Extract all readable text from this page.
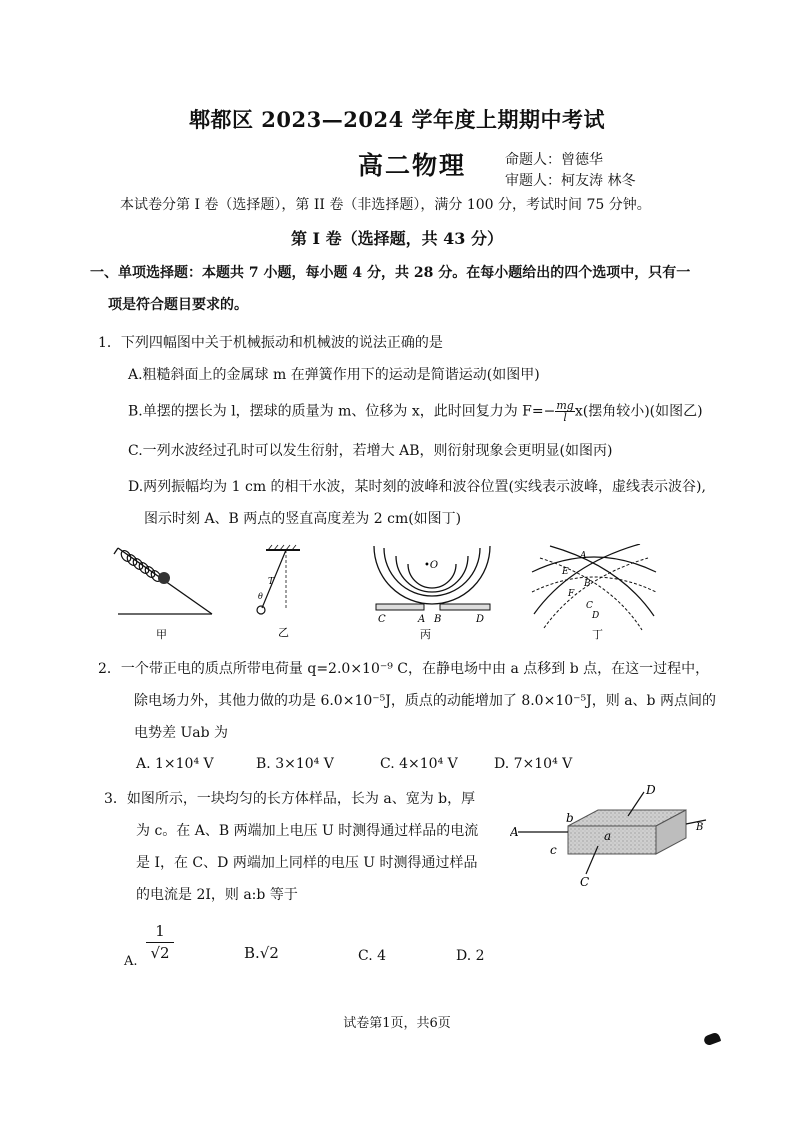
郫都区 2023—2024 学年度上期期中考试
高二物理	命题人：曾德华
审题人：柯友涛 林冬
本试卷分第 I 卷（选择题），第 II 卷（非选择题），满分 100 分，考试时间 75 分钟。
第 I 卷（选择题，共 43 分）
一、单项选择题：本题共 7 小题，每小题 4 分，共 28 分。在每小题给出的四个选项中，只有一
项是符合题目要求的。
1．下列四幅图中关于机械振动和机械波的说法正确的是
A.粗糙斜面上的金属球 m 在弹簧作用下的运动是简谐运动(如图甲)
B.单摆的摆长为 l，摆球的质量为 m、位移为 x，此时回复力为 $F=- \frac{mg}{l} x$(摆角较小)(如图乙)
C.一列水波经过孔时可以发生衍射，若增大 AB，则衍射现象会更明显(如图丙)
D.两列振幅均为 1 cm 的相干水波，某时刻的波峰和波谷位置(实线表示波峰，虚线表示波谷),
图示时刻 A、B 两点的竖直高度差为 2 cm(如图丁)
甲
T
θ
乙
•O
C	A B	D
丙
A
E
B
F
C
D
丁
2．一个带正电的质点所带电荷量 q=2.0×10⁻⁹ C，在静电场中由 a 点移到 b 点，在这一过程中，
除电场力外，其他力做的功是 6.0×10⁻⁵J，质点的动能增加了 8.0×10⁻⁵J，则 a、b 两点间的
电势差 Uab 为
A. 1×10⁴ V	B. 3×10⁴ V	C. 4×10⁴ V	D. 7×10⁴ V
3．如图所示，一块均匀的长方体样品，长为 a、宽为 b，厚
为 c。在 A、B 两端加上电压 U 时测得通过样品的电流
是 I，在 C、D 两端加上同样的电压 U 时测得通过样品
的电流是 2I，则 a:b 等于
A	B
D
C
a
b
c
A.
1
√2	B.√2	C. 4	D. 2
试卷第1页，共6页
